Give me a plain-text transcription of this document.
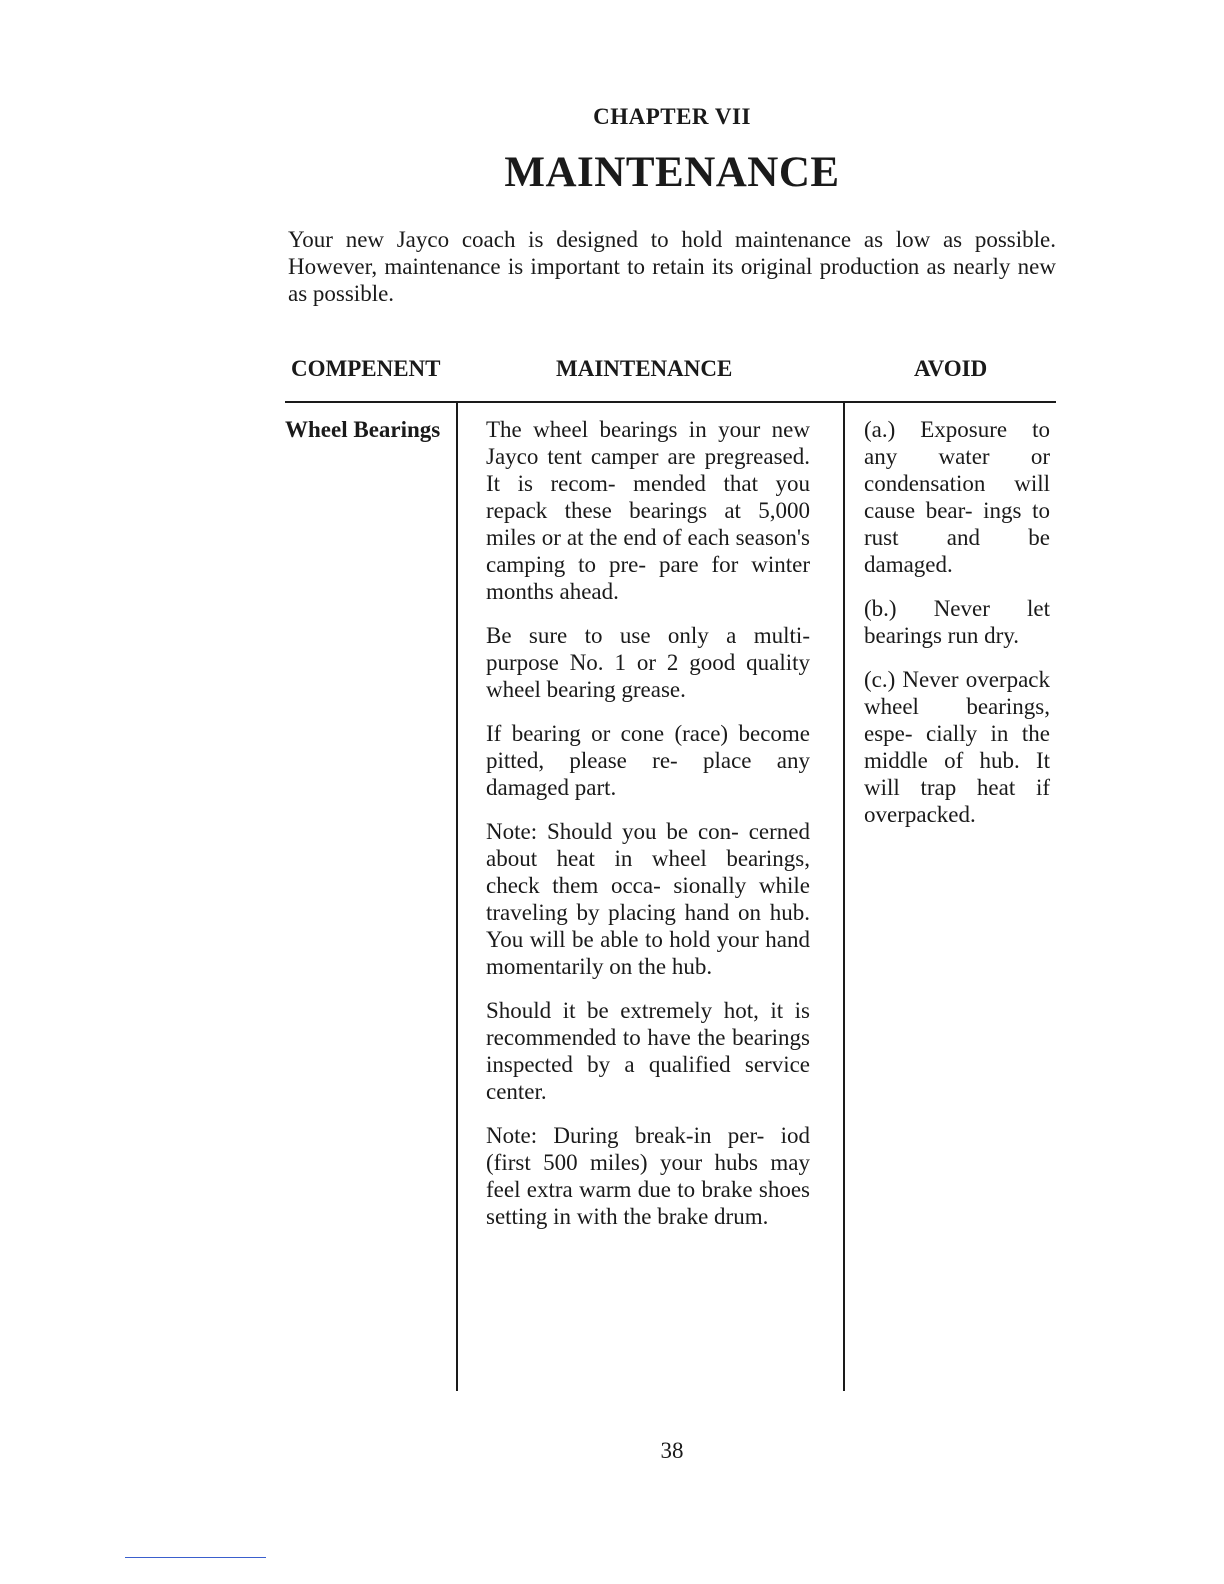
CHAPTER VII
MAINTENANCE

Your new Jayco coach is designed to hold maintenance as low as possible. However, maintenance is important to retain its original production as nearly new as possible.

COMPENENT	MAINTENANCE	AVOID
Wheel Bearings The wheel bearings in your new Jayco tent camper are pregreased. It is recom- mended that you repack these bearings at 5,000 miles or at the end of each season's camping to pre- pare for winter months ahead.

Be sure to use only a multi- purpose No. 1 or 2 good quality wheel bearing grease.

If bearing or cone (race) become pitted, please re- place any damaged part.

Note: Should you be con- cerned about heat in wheel bearings, check them occa- sionally while traveling by placing hand on hub. You will be able to hold your hand momentarily on the hub.

Should it be extremely hot, it is recommended to have the bearings inspected by a qualified service center.

Note: During break-in per- iod (first 500 miles) your hubs may feel extra warm due to brake shoes setting in with the brake drum.

(a.) Exposure to any water or condensation will cause bear- ings to rust and be damaged.

(b.) Never let bearings run dry.

(c.) Never overpack wheel bearings, espe- cially in the middle of hub. It will trap heat if overpacked.

38
